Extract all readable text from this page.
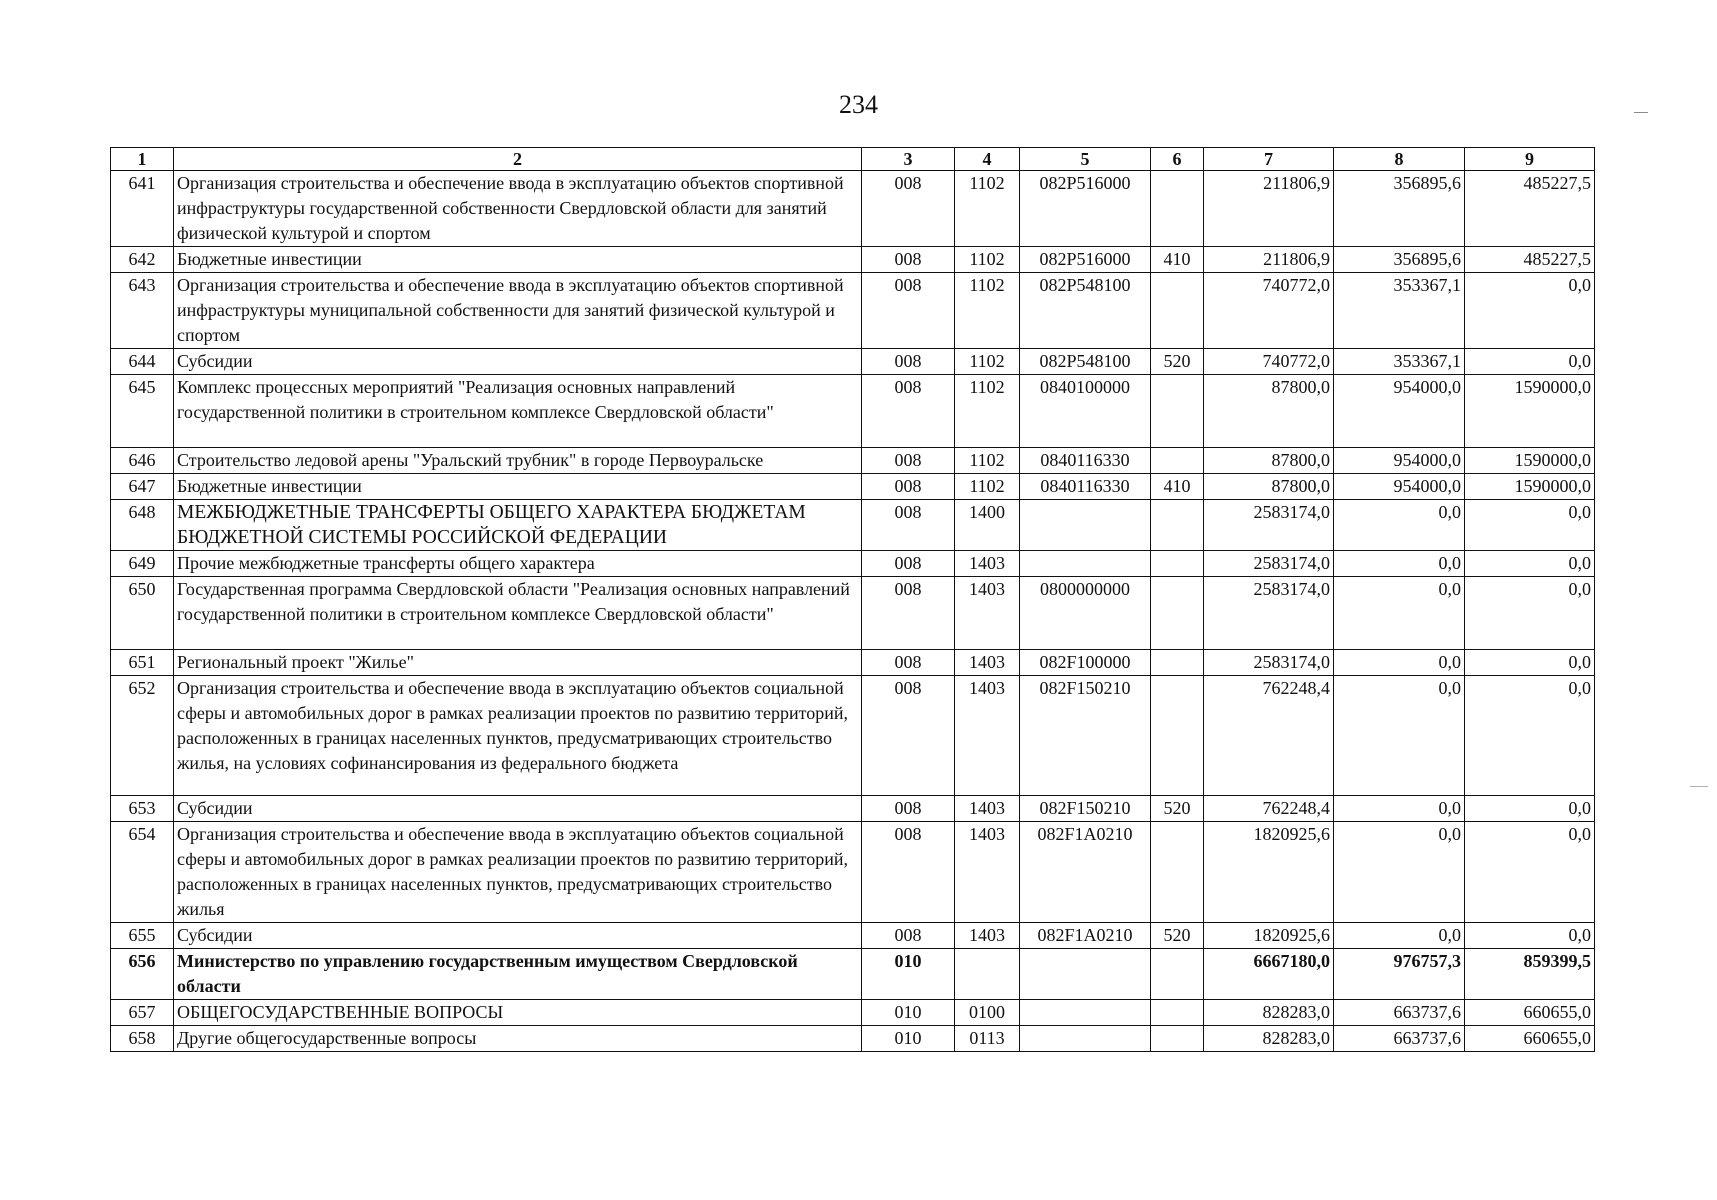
234
1	2	3	4	5	6	7	8	9
641	Организация строительства и обеспечение ввода в эксплуатацию объектов спортивной инфраструктуры государственной собственности Свердловской области для занятий физической культурой и спортом	008	1102	082P516000		211806,9	356895,6	485227,5
642	Бюджетные инвестиции	008	1102	082P516000	410	211806,9	356895,6	485227,5
643	Организация строительства и обеспечение ввода в эксплуатацию объектов спортивной инфраструктуры муниципальной собственности для занятий физической культурой и спортом	008	1102	082P548100		740772,0	353367,1	0,0
644	Субсидии	008	1102	082P548100	520	740772,0	353367,1	0,0
645	Комплекс процессных мероприятий "Реализация основных направлений государственной политики в строительном комплексе Свердловской области"	008	1102	0840100000		87800,0	954000,0	1590000,0
646	Строительство ледовой арены "Уральский трубник" в городе Первоуральске	008	1102	0840116330		87800,0	954000,0	1590000,0
647	Бюджетные инвестиции	008	1102	0840116330	410	87800,0	954000,0	1590000,0
648	МЕЖБЮДЖЕТНЫЕ ТРАНСФЕРТЫ ОБЩЕГО ХАРАКТЕРА БЮДЖЕТАМ БЮДЖЕТНОЙ СИСТЕМЫ РОССИЙСКОЙ ФЕДЕРАЦИИ	008	1400			2583174,0	0,0	0,0
649	Прочие межбюджетные трансферты общего характера	008	1403			2583174,0	0,0	0,0
650	Государственная программа Свердловской области "Реализация основных направлений государственной политики в строительном комплексе Свердловской области"	008	1403	0800000000		2583174,0	0,0	0,0
651	Региональный проект "Жилье"	008	1403	082F100000		2583174,0	0,0	0,0
652	Организация строительства и обеспечение ввода в эксплуатацию объектов социальной сферы и автомобильных дорог в рамках реализации проектов по развитию территорий, расположенных в границах населенных пунктов, предусматривающих строительство жилья, на условиях софинансирования из федерального бюджета	008	1403	082F150210		762248,4	0,0	0,0
653	Субсидии	008	1403	082F150210	520	762248,4	0,0	0,0
654	Организация строительства и обеспечение ввода в эксплуатацию объектов социальной сферы и автомобильных дорог в рамках реализации проектов по развитию территорий, расположенных в границах населенных пунктов, предусматривающих строительство жилья	008	1403	082F1A0210		1820925,6	0,0	0,0
655	Субсидии	008	1403	082F1A0210	520	1820925,6	0,0	0,0
656	Министерство по управлению государственным имуществом Свердловской области	010				6667180,0	976757,3	859399,5
657	ОБЩЕГОСУДАРСТВЕННЫЕ ВОПРОСЫ	010	0100			828283,0	663737,6	660655,0
658	Другие общегосударственные вопросы	010	0113			828283,0	663737,6	660655,0
